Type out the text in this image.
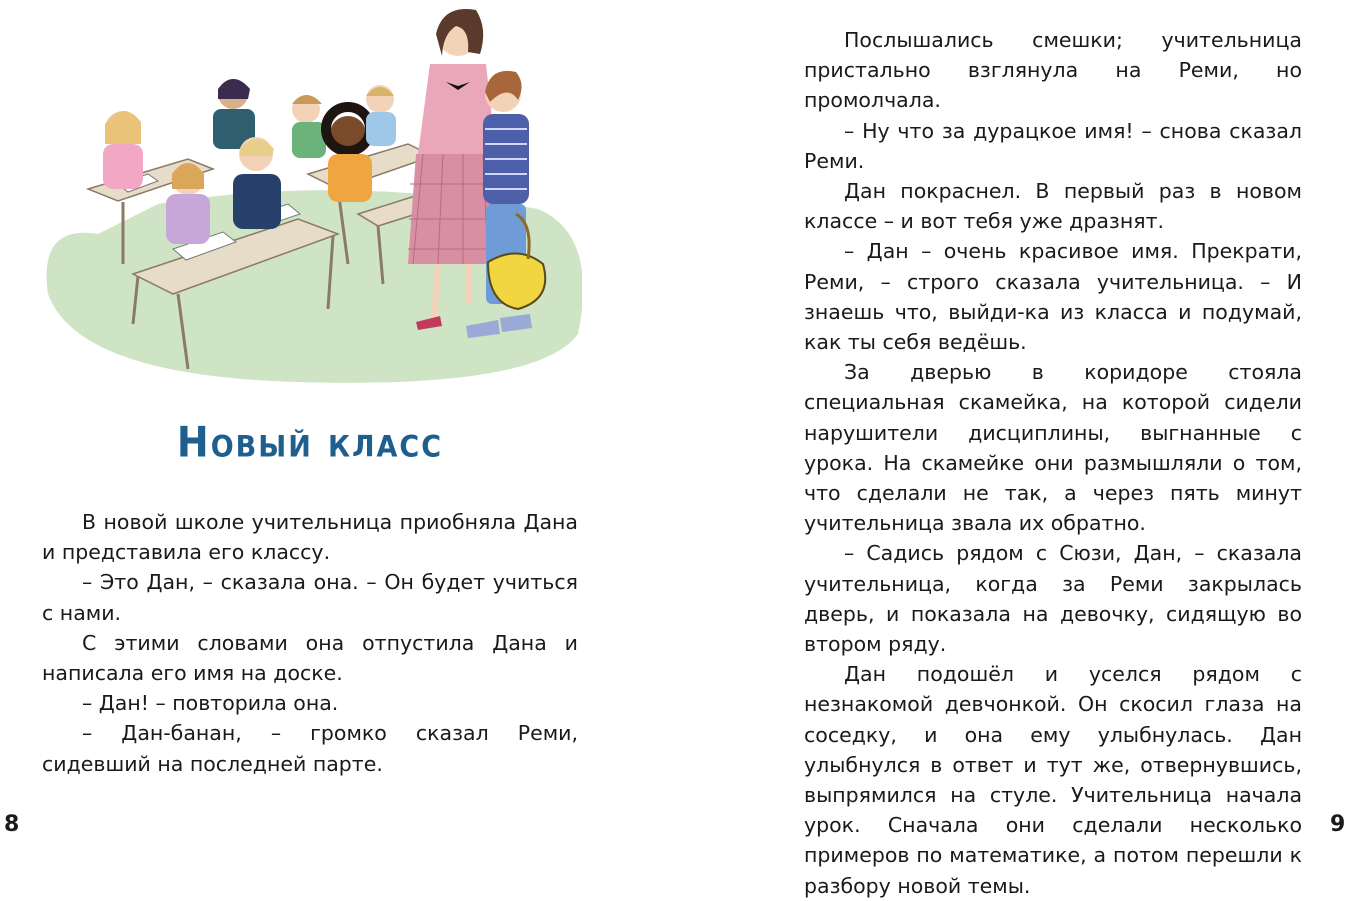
Новый класс

В новой школе учительница приобняла Дана и представила его классу.

– Это Дан, – сказала она. – Он будет учиться с нами.

С этими словами она отпустила Дана и написала его имя на доске.

– Дан! – повторила она.

– Дан-банан, – громко сказал Реми, сидевший на последней парте.

8

Послышались смешки; учительница пристально взглянула на Реми, но промолчала.

– Ну что за дурацкое имя! – снова сказал Реми.

Дан покраснел. В первый раз в новом классе – и вот тебя уже дразнят.

– Дан – очень красивое имя. Прекрати, Реми, – строго сказала учительница. – И знаешь что, выйди-ка из класса и подумай, как ты себя ведёшь.

За дверью в коридоре стояла специальная скамейка, на которой сидели нарушители дисциплины, выгнанные с урока. На скамейке они размышляли о том, что сделали не так, а через пять минут учительница звала их обратно.

– Садись рядом с Сюзи, Дан, – сказала учительница, когда за Реми закрылась дверь, и показала на девочку, сидящую во втором ряду.

Дан подошёл и уселся рядом с незнакомой девчонкой. Он скосил глаза на соседку, и она ему улыбнулась. Дан улыбнулся в ответ и тут же, отвернувшись, выпрямился на стуле. Учительница начала урок. Сначала они сделали несколько примеров по математике, а потом перешли к разбору новой темы.

9
